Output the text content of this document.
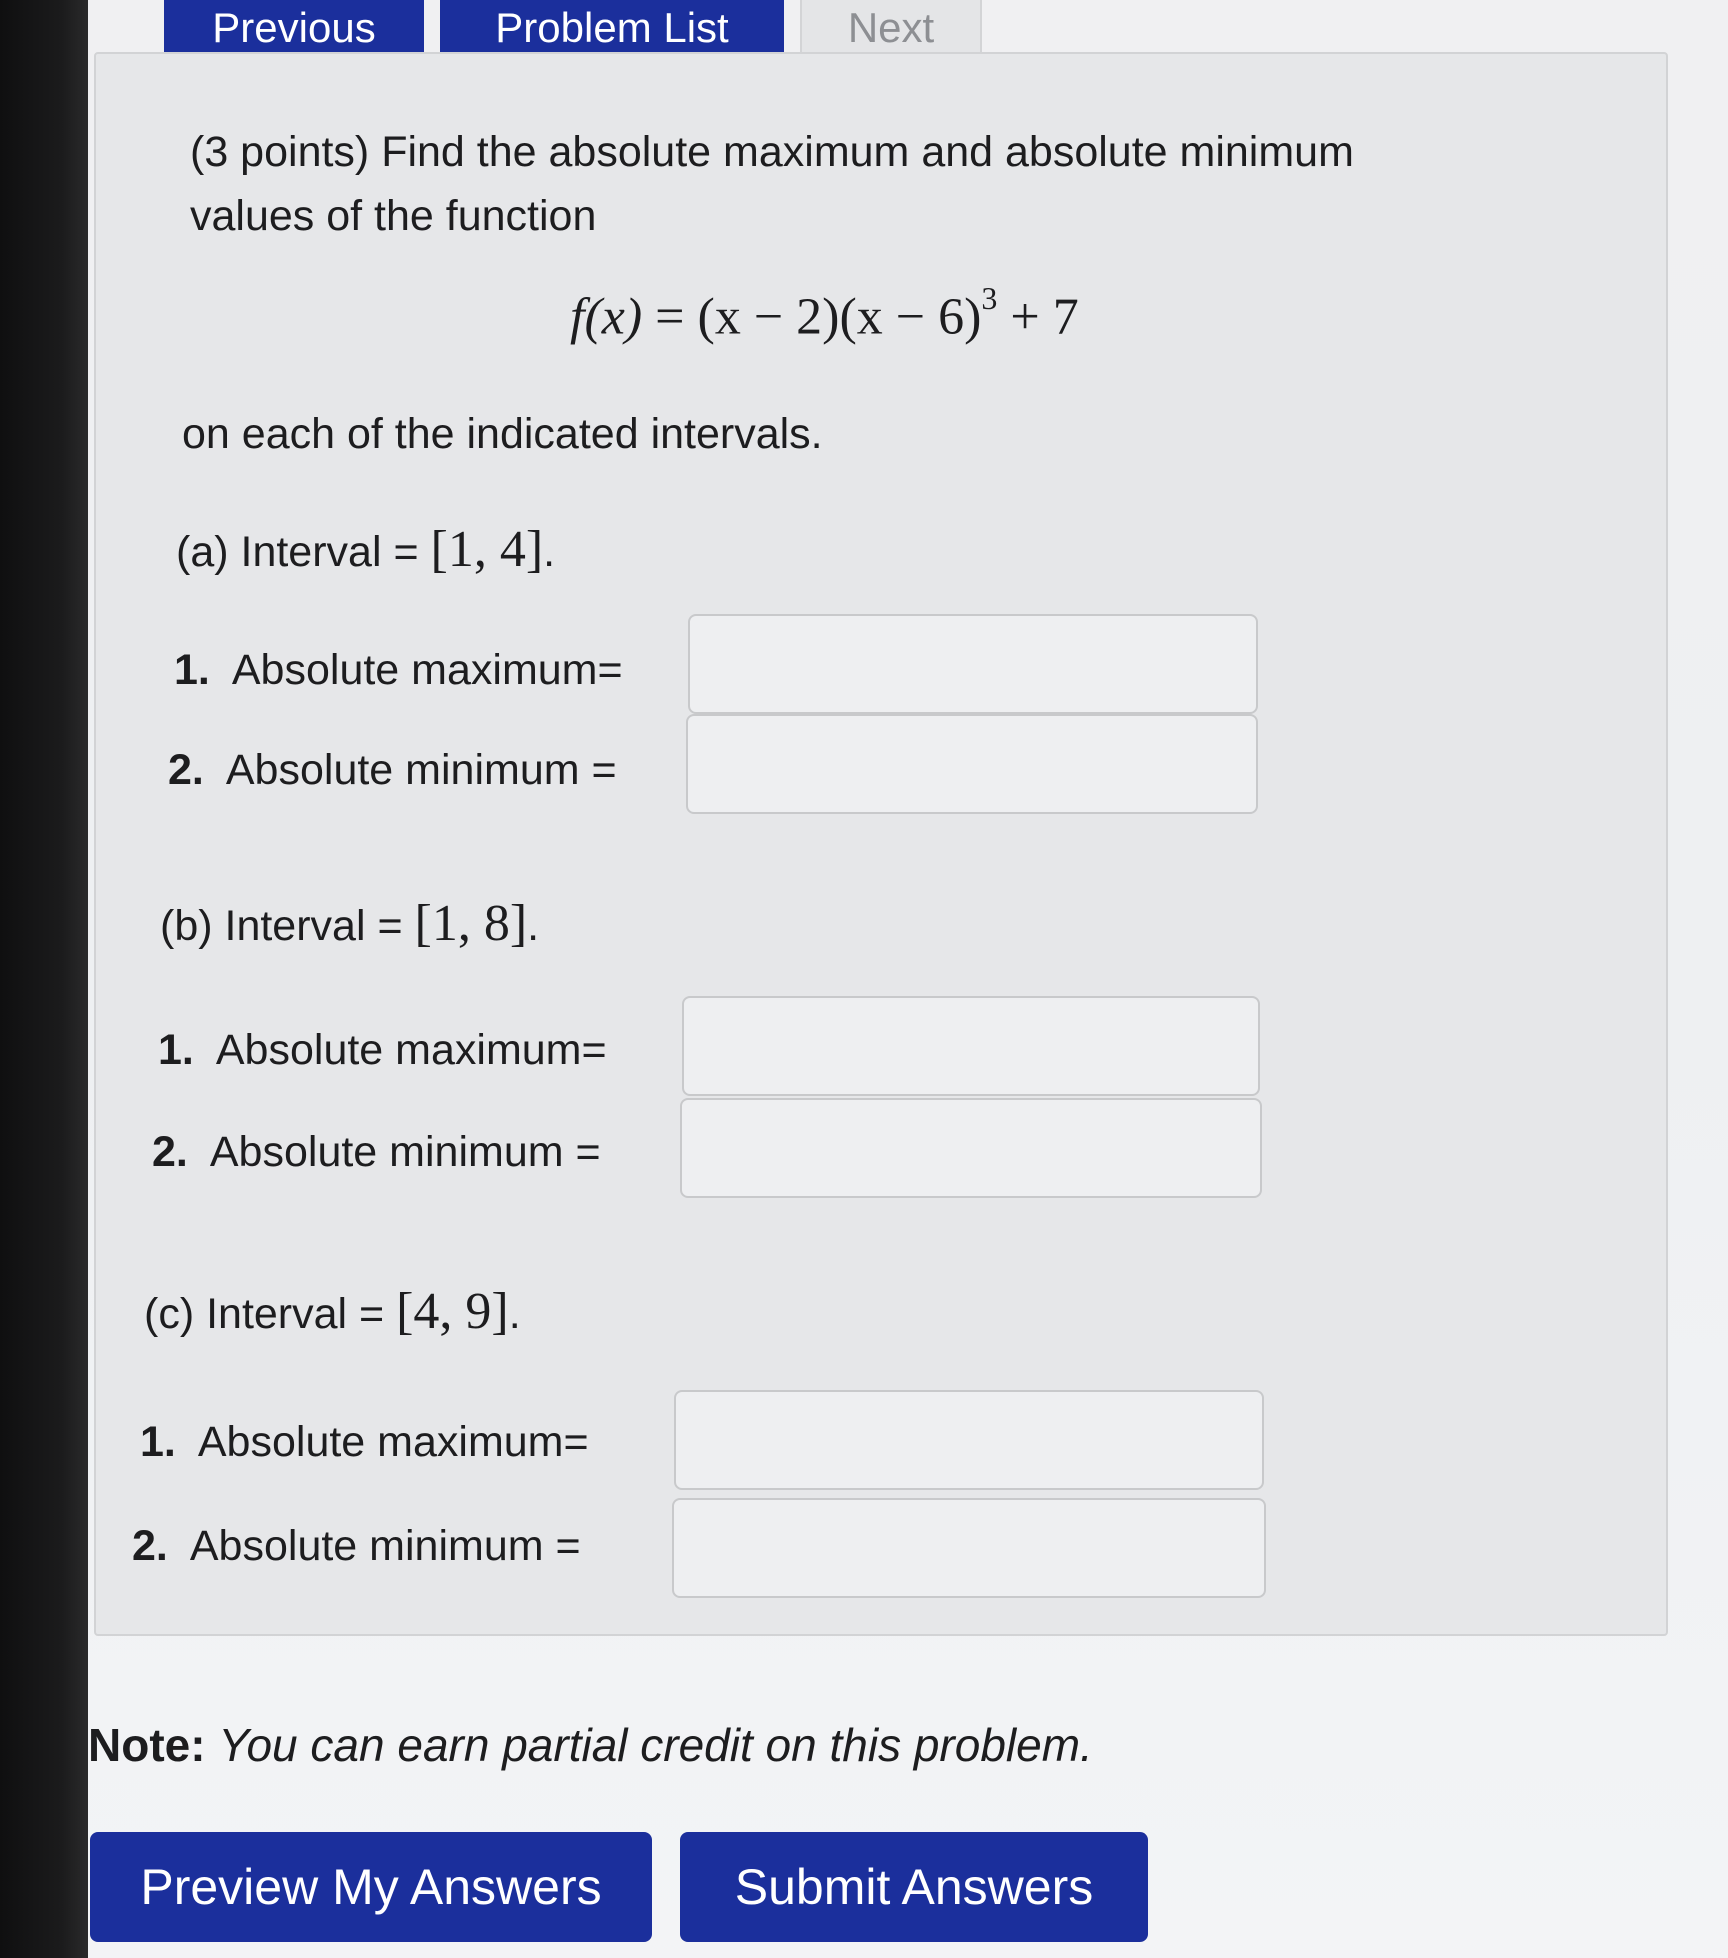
Previous	Problem List	Next
(3 points) Find the absolute maximum and absolute minimum
values of the function
$f(x) = (x - 2)(x - 6)^3 + 7$
on each of the indicated intervals.
(a) Interval = [1, 4].
1. Absolute maximum=
2. Absolute minimum =
(b) Interval = [1, 8].
1. Absolute maximum=
2. Absolute minimum =
(c) Interval = [4, 9].
1. Absolute maximum=
2. Absolute minimum =
Note: You can earn partial credit on this problem.
Preview My Answers	Submit Answers
